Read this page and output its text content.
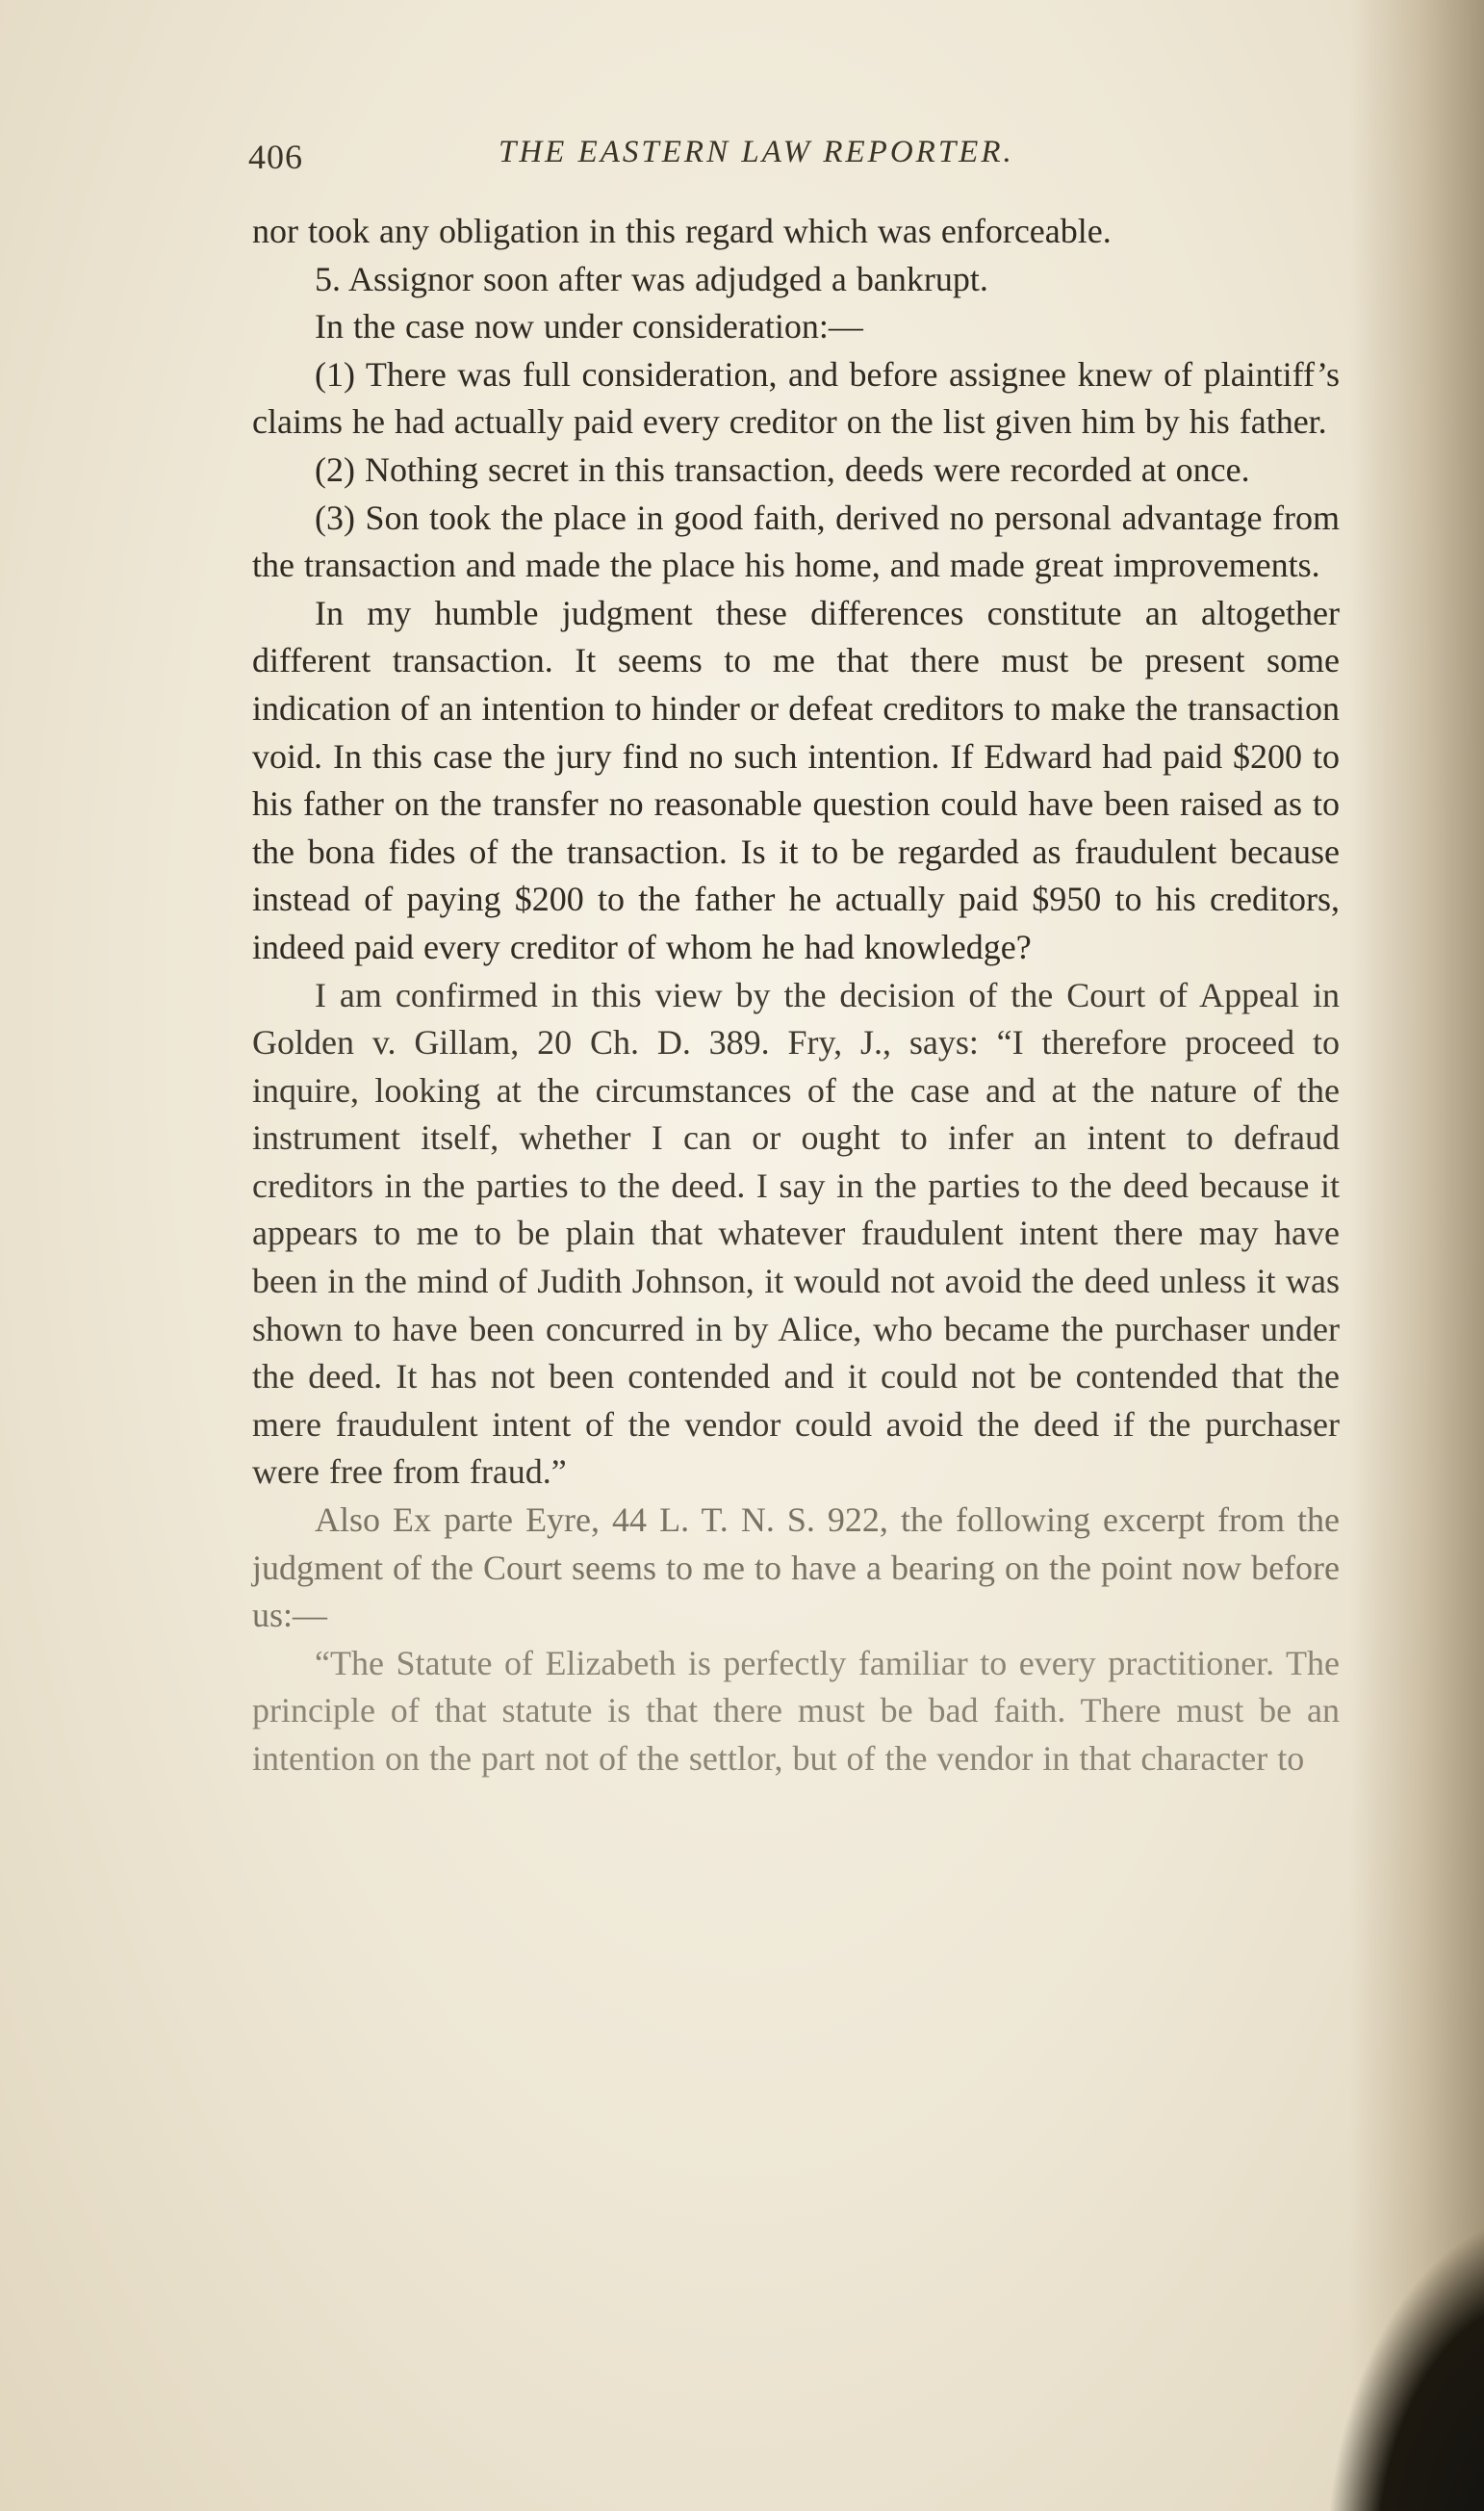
406	THE EASTERN LAW REPORTER.

nor took any obligation in this regard which was enforceable.

5. Assignor soon after was adjudged a bankrupt.

In the case now under consideration:—

(1) There was full consideration, and before assignee knew of plaintiff’s claims he had actually paid every creditor on the list given him by his father.

(2) Nothing secret in this transaction, deeds were recorded at once.

(3) Son took the place in good faith, derived no personal advantage from the transaction and made the place his home, and made great improvements.

In my humble judgment these differences constitute an altogether different transaction. It seems to me that there must be present some indication of an intention to hinder or defeat creditors to make the transaction void. In this case the jury find no such intention. If Edward had paid $200 to his father on the transfer no reasonable question could have been raised as to the bona fides of the transaction. Is it to be regarded as fraudulent because instead of paying $200 to the father he actually paid $950 to his creditors, indeed paid every creditor of whom he had knowledge?

I am confirmed in this view by the decision of the Court of Appeal in Golden v. Gillam, 20 Ch. D. 389. Fry, J., says: “I therefore proceed to inquire, looking at the circumstances of the case and at the nature of the instrument itself, whether I can or ought to infer an intent to defraud creditors in the parties to the deed. I say in the parties to the deed because it appears to me to be plain that whatever fraudulent intent there may have been in the mind of Judith Johnson, it would not avoid the deed unless it was shown to have been concurred in by Alice, who became the purchaser under the deed. It has not been contended and it could not be contended that the mere fraudulent intent of the vendor could avoid the deed if the purchaser were free from fraud.”

Also Ex parte Eyre, 44 L. T. N. S. 922, the following excerpt from the judgment of the Court seems to me to have a bearing on the point now before us:—

“The Statute of Elizabeth is perfectly familiar to every practitioner. The principle of that statute is that there must be bad faith. There must be an intention on the part not of the settlor, but of the vendor in that character to
